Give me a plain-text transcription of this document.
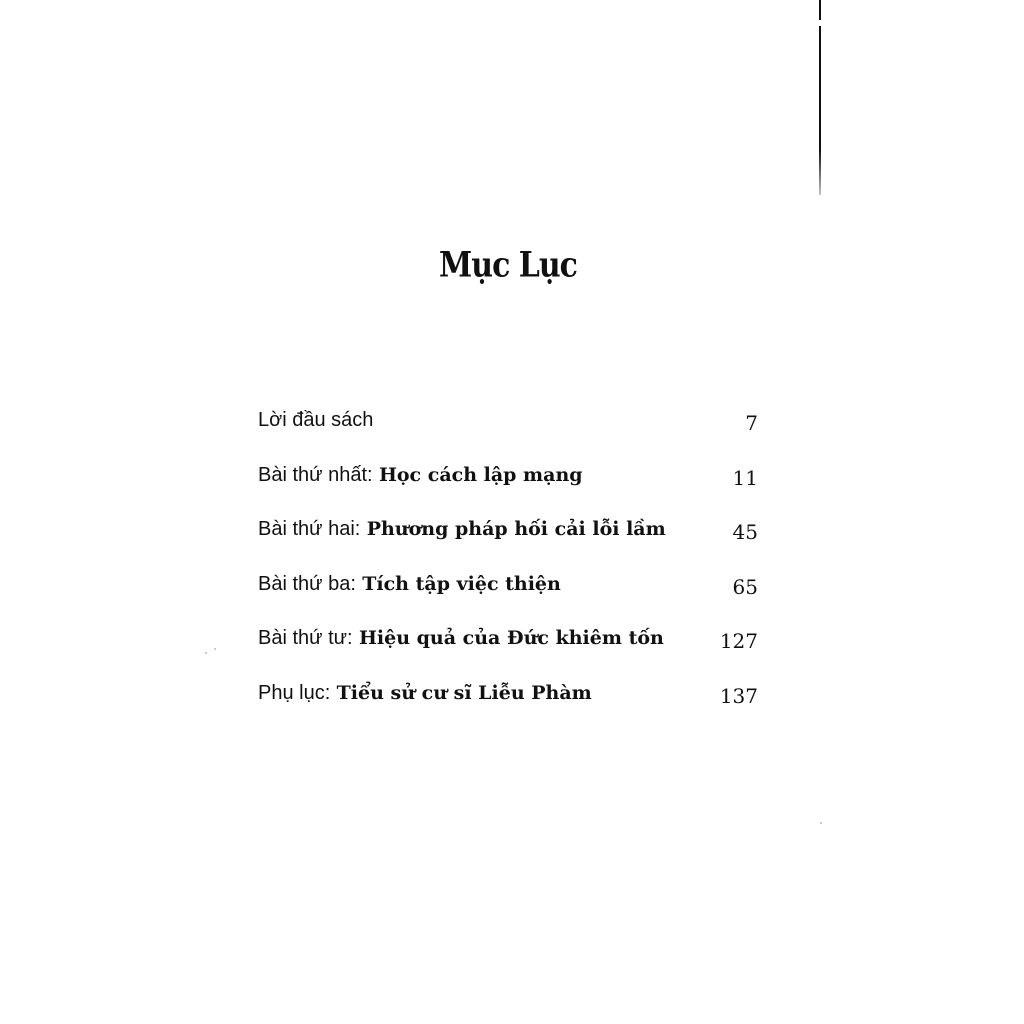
Mục Lục
Lời đầu sách	7
Bài thứ nhất: Học cách lập mạng	11
Bài thứ hai: Phương pháp hối cải lỗi lầm	45
Bài thứ ba: Tích tập việc thiện	65
Bài thứ tư: Hiệu quả của Đức khiêm tốn	127
Phụ lục: Tiểu sử cư sĩ Liễu Phàm	137
